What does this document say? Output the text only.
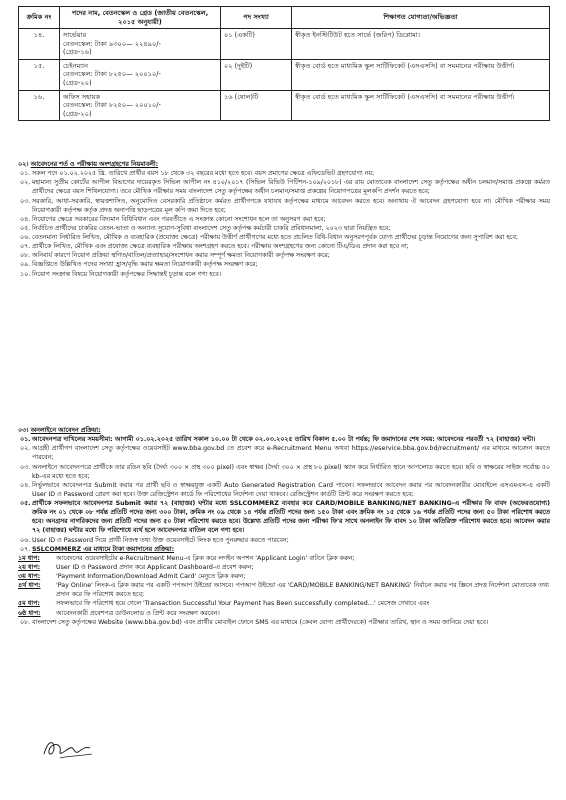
ক্রমিক নং	পদের নাম, বেতনস্কেল ও গ্রেড (জাতীয় বেতনস্কেল, ২০১৫ অনুযায়ী)	পদ সংখ্যা	শিক্ষাগত যোগ্যতা/অভিজ্ঞতা
১৪.	সার্ভেয়ার
বেতনস্কেল: টাকা ৯৩০০— ২২৪৯০/-
(গ্রেড-১৬)	০১ (একটি)	স্বীকৃত ইনস্টিটিউট হতে সার্ভে (জরিপ) ডিপ্লোমা।
১৫.	চেইনম্যান
বেতনস্কেল: টাকা ৮২৫০— ২০০১০/-
(গ্রেড-২০)	০২ (দুইটি)	স্বীকৃত বোর্ড হতে মাধ্যমিক স্কুল সার্টিফিকেট (এসএসসি) বা সমমানের পরীক্ষায় উত্তীর্ণ।
১৬.	অফিস সহায়ক
বেতনস্কেল: টাকা ৮২৫০— ২০০১০/-
(গ্রেড-২০)	১৬ (ষোল)টি	স্বীকৃত বোর্ড হতে মাধ্যমিক স্কুল সার্টিফিকেট (এসএসসি) বা সমমানের পরীক্ষায় উত্তীর্ণ।
০২। আবেদনের শর্ত ও পরীক্ষায় অংশগ্রহণের নিয়মাবলী:
০১. সকল পদে ০১.০২.২০২৫ খ্রি. তারিখে প্রার্থীর বয়স ১৮ থেকে ৩২ বছরের মধ্যে হতে হবে। বয়স প্রমাণের ক্ষেত্রে এফিডেভিট গ্রহণযোগ্য নয়;
০২. মহামান্য সুপ্রীম কোর্টের আপীল বিভাগের দায়েরকৃত সিভিল আপীল নং ৪১০/২০১৭ (সিভিল রিভিউ পিটিশন-১০৯/২০১৮) এর রায় মোতাবেক বাংলাদেশ সেতু কর্তৃপক্ষের অধীন চলমান/সমাপ্ত প্রকল্পে কর্মরত প্রার্থীদের ক্ষেত্রে বয়স শিথিলযোগ্য। তবে মৌখিক পরীক্ষার সময় বাংলাদেশ সেতু কর্তৃপক্ষের অধীন চলমান/সমাপ্ত প্রকল্পের নিয়োগপত্রের মূলকপি প্রদর্শন করতে হবে;
০৩. সরকারি, আধা-সরকারি, স্বায়ত্তশাসিত, অনুমোদিত বেসরকারি প্রতিষ্ঠানে কর্মরত প্রার্থীগণকে যথাযথ কর্তৃপক্ষের মাধ্যমে আবেদন করতে হবে। অন্যথায় ঐ আবেদন গ্রহণযোগ্য হবে না। মৌখিক পরীক্ষার সময় নিয়োগকারী কর্তৃপক্ষ কর্তৃক প্রদত্ত অনাপত্তি ছাড়পত্রের মূল কপি জমা দিতে হবে;
০৪. নিয়োগের ক্ষেত্রে সরকারের বিদ্যমান বিধিবিধান এবং পরবর্তীতে এ সংক্রান্ত কোনো সংশোধন হলে তা অনুসরণ করা হবে;
০৫. নির্বাচিত প্রার্থীদের চাকরির বেতন-ভাতা ও অন্যান্য সুযোগ-সুবিধা বাংলাদেশ সেতু কর্তৃপক্ষ কর্মচারী চাকরি প্রবিধানমালা, ২০২৩ দ্বারা নিয়ন্ত্রিত হবে;
০৬. বেতনমান্য নির্ধারিত লিখিত, মৌখিক ও ব্যবহারিক (প্রযোজ্য ক্ষেত্রে) পরীক্ষায় উত্তীর্ণ প্রার্থীগণের মধ্যে হতে প্রচলিত বিধি-বিধান অনুসরণপূর্বক যোগ্য প্রার্থীদের চূড়ান্ত নিয়োগের জন্য সুপারিশ করা হবে;
০৭. প্রার্থীকে লিখিত, মৌখিক এবং প্রযোজ্য ক্ষেত্রে ব্যবহারিক পরীক্ষায় অংশগ্রহণ করতে হবে। পরীক্ষায় অংশগ্রহণের জন্য কোনো টিএ/ডিএ প্রদান করা হবে না;
০৮. অনিবার্য কারণে নিয়োগ প্রক্রিয়া স্থগিত/বাতিল/প্রত্যাহার/সংশোধন করার সম্পূর্ণ ক্ষমতা নিয়োগকারী কর্তৃপক্ষ সংরক্ষণ করে;
০৯. বিজ্ঞপ্তিতে উল্লিখিত পদের সংখ্যা হ্রাস/বৃদ্ধি করার ক্ষমতা নিয়োগকারী কর্তৃপক্ষ সংরক্ষণ করে;
১০. নিয়োগ সংক্রান্ত বিষয়ে নিয়োগকারী কর্তৃপক্ষের সিদ্ধান্তই চূড়ান্ত বলে গণ্য হবে।
০৩। অনলাইনে আবেদন প্রক্রিয়া:
০১. আবেদনপত্র দাখিলের সময়সীমা: আগামী ০১.০২.২০২৫ তারিখ সকাল ১০.০০ টা থেকে ০২.০৩.২০২৫ তারিখ বিকাল ৫.০০ টা পর্যন্ত; ফি জমাদানের শেষ সময়: আবেদনের পরবর্তী ৭২ (বাহাত্তর) ঘন্টা।
০২. আগ্রহী প্রার্থীগণ বাংলাদেশ সেতু কর্তৃপক্ষের ওয়েবসাইট www.bba.gov.bd তে প্রবেশ করে e-Recruitment Menu অথবা https://eservice.bba.gov.bd/recruitment/ এর মাধ্যমে আবেদন করতে পারবেন;
০৩. অনলাইনে আবেদনপত্রে প্রার্থীকে তার রঙিন ছবি (দৈর্ঘ্য ৩০০ × প্রস্থ ৩০০ pixel) এবং স্বাক্ষর (দৈর্ঘ্য ৩০০ × প্রস্থ ৮০ pixel) স্ক্যান করে নির্ধারিত স্থানে আপলোড করতে হবে। ছবি ও স্বাক্ষরের সাইজ সর্বোচ্চ ৫০ kb-এর মধ্যে হতে হবে;
০৪. নির্ভুলভাবে আবেদনপত্র Submit করার পর প্রার্থী ছবি ও স্বাক্ষরযুক্ত একটি Auto Generated Registration Card পাবেন। সফলভাবে আবেদন করার পর আবেদনকারীর মোবাইলে এসএমএস-এ একটি User ID ও Password প্রেরণ করা হবে। উক্ত রেজিস্ট্রেশন কার্ডে ফি পরিশোধের নির্দেশনা দেয়া থাকবে। রেজিস্ট্রেশন কার্ডটি প্রিন্ট করে সংরক্ষণ করতে হবে;
০৫. প্রার্থীকে সফলভাবে আবেদনপত্র Submit করার ৭২ (বাহাত্তর) ঘন্টার মধ্যে SSLCOMMERZ ব্যবহার করে CARD/MOBILE BANKING/NET BANKING-এ পরীক্ষার ফি বাবদ (অফেরতযোগ্য) ক্রমিক নং ০১ থেকে ০৮ পর্যন্ত প্রতিটি পদের জন্য ৩০০ টাকা, ক্রমিক নং ০৯ থেকে ১৪ পর্যন্ত প্রতিটি পদের জন্য ১৫০ টাকা এবং ক্রমিক নং ১৫ থেকে ১৬ পর্যন্ত প্রতিটি পদের জন্য ৫০ টাকা পরিশোধ করতে হবে। অনগ্রসর নাগরিকদের জন্য প্রতিটি পদের জন্য ৫০ টাকা পরিশোধ করতে হবে। উল্লেখ্য প্রতিটি পদের জন্য পরীক্ষা ফি'র সাথে অনলাইন ফি বাবদ ১০ টাকা অতিরিক্ত পরিশোধ করতে হবে। আবেদন করার ৭২ (বাহাত্তর) ঘন্টার মধ্যে ফি পরিশোধে ব্যর্থ হলে আবেদনপত্র বাতিল বলে গণ্য হবে।
০৬. User ID ও Password দিয়ে প্রার্থী নিজস্ব তথ্য উক্ত ওয়েবসাইটে লিংক হতে পুনরুদ্ধার করতে পারবেন;
০৭. SSLCOMMERZ এর মাধ্যমে টাকা জমাদানের প্রক্রিয়া:
১ম ধাপ:	আবেদনের ওয়েবসাইটের e-Recruitment Menu-এ ক্লিক করে লগইন অপশন 'Applicant Login' বাটনে ক্লিক করুন;
২য় ধাপ:	User ID ও Password প্রদান করে Applicant Dashboard-এ প্রবেশ করুন;
৩য় ধাপ:	'Payment Information/Download Admit Card' মেনুতে ক্লিক করুন;
৪র্থ ধাপ: 'Pay Online' লিংক-এ ক্লিক করার পর একটি পপআপ উইন্ডো আসবে। পপআপ উইন্ডো এর 'CARD/MOBILE BANKING/NET BANKING' নির্বাচন করার পর স্ক্রিনে প্রদত্ত নির্দেশনা মোতাবেক তথ্য প্রদান করে ফি পরিশোধ করতে হবে;
৫ম ধাপ:	সফলভাবে ফি পরিশোধ হয়ে গেলে 'Transaction Successful Your Payment has Been successfully completed…' মেসেজ দেখাবে এবং
৬ষ্ঠ ধাপ: আবেদনকারী প্রবেশপত্র ডাউনলোড ও প্রিন্ট করে সংরক্ষণ করবেন।
০৮. বাংলাদেশ সেতু কর্তৃপক্ষের Website (www.bba.gov.bd) এবং প্রার্থীর মোবাইল ফোনে SMS এর মাধ্যমে (কেবল যোগ্য প্রার্থীদেরকে) পরীক্ষার তারিখ, স্থান ও সময় জানিয়ে দেয়া হবে।
